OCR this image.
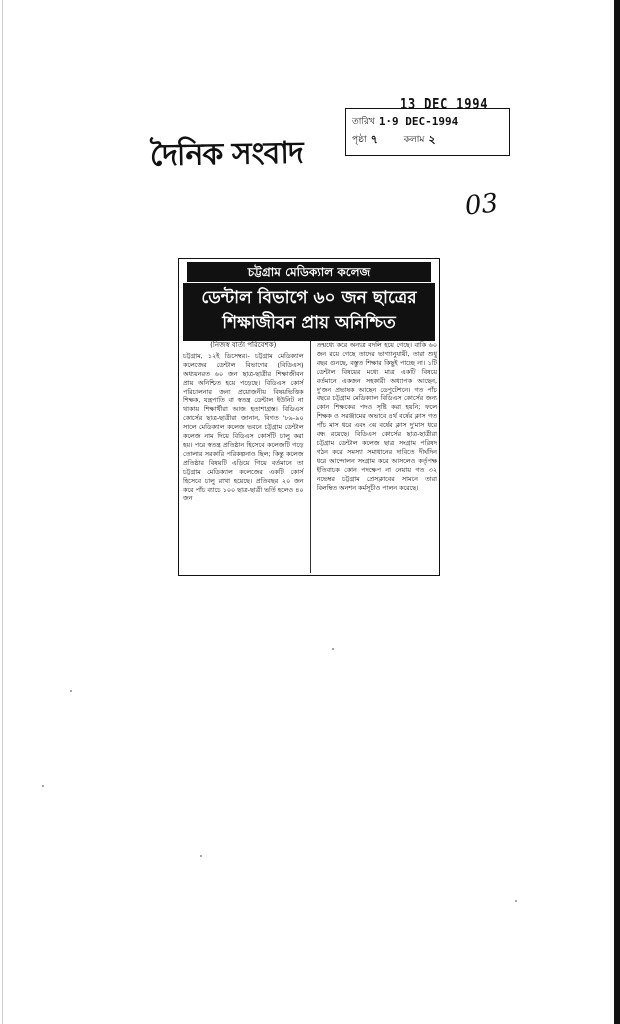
13 DEC 1994
দৈনিক সংবাদ
তারিখ 1·9 DEC-1994
পৃষ্ঠা ৭	কলাম ২
03
চট্টগ্রাম মেডিক্যাল কলেজ
ডেন্টাল বিভাগে ৬০ জন ছাত্রের
শিক্ষাজীবন প্রায় অনিশ্চিত
(নিজস্ব বার্তা পরিবেশক)
চট্টগ্রাম, ১২ই ডিসেম্বর।- চট্টগ্রাম মেডিক্যাল কলেজের ডেন্টাল বিভাগের (বিডিএস) অধ্যয়নরত ৬০ জন ছাত্র-ছাত্রীর শিক্ষাজীবন প্রায় অনিশ্চিত হয়ে পড়েছে। বিডিএস কোর্স পরিচালনার জন্য প্রয়োজনীয় বিষয়ভিত্তিক শিক্ষক, যন্ত্রপাতি বা স্বতন্ত্র ডেন্টাল ইউনিট না থাকায় শিক্ষার্থীরা আজ হতাশাগ্রস্ত। বিডিএস কোর্সের ছাত্র-ছাত্রীরা জানান, বিগত '৮৯-৯০ সালে মেডিক্যাল কলেজ ভবনে চট্টগ্রাম ডেন্টাল কলেজ নাম দিয়ে বিডিএস কোর্সটি চালু করা হয়। পরে স্বতন্ত্র প্রতিষ্ঠান হিসেবে কলেজটি গড়ে তোলার সরকারি পরিকল্পনাও ছিল; কিন্তু কলেজ প্রতিষ্ঠার বিষয়টি এড়িয়ে গিয়ে বর্তমানে তা চট্টগ্রাম মেডিক্যাল কলেজের একটি কোর্স হিসেবে চালু রাখা হয়েছে। প্রতিবছর ২০ জন করে পাঁচ ব্যাচে ১০০ ছাত্র-ছাত্রী ভর্তি হলেও ৪০ জন
তন্মধ্যে করে অন্যত্র বদলি হয়ে গেছে। বাকি ৬০ জন রয়ে গেছে তাদের ভাগ্যানুযায়ী, তারা শুধু বছর গুনছে, বস্তুত শিক্ষার কিছুই পাচ্ছে না। ১টি ডেন্টাল বিষয়ের মধ্যে মাত্র একটি বিষয়ে বর্তমানে একজন সহকারী অধ্যাপক আছেন, দু'জন প্রভাষক আছেন ডেপুটেশনে। গত পাঁচ বছরে চট্টগ্রাম মেডিক্যাল বিডিএস কোর্সের জন্য কোন শিক্ষকের পদও সৃষ্টি করা হয়নি; ফলে শিক্ষক ও সরঞ্জামের অভাবে ৪র্থ বর্ষের ক্লাস গত পাঁচ মাস ধরে এবং ৩য় বর্ষের ক্লাস দু'মাস ধরে বন্ধ রয়েছে। বিডিএস কোর্সের ছাত্র-ছাত্রীরা চট্টগ্রাম ডেন্টাল কলেজ ছাত্র সংগ্রাম পরিষদ গঠন করে সমস্যা সমাধানের দাবিতে দীর্ঘদিন ধরে আন্দোলন সংগ্রাম করে আসলেও কর্তৃপক্ষ ইতিবাচক কোন পদক্ষেপ না নেয়ায় গত ৩২ নভেম্বর চট্টগ্রাম প্রেসক্লাবের সামনে তারা বিলম্বিত অনশন কর্মসূচীও পালন করেছে।
